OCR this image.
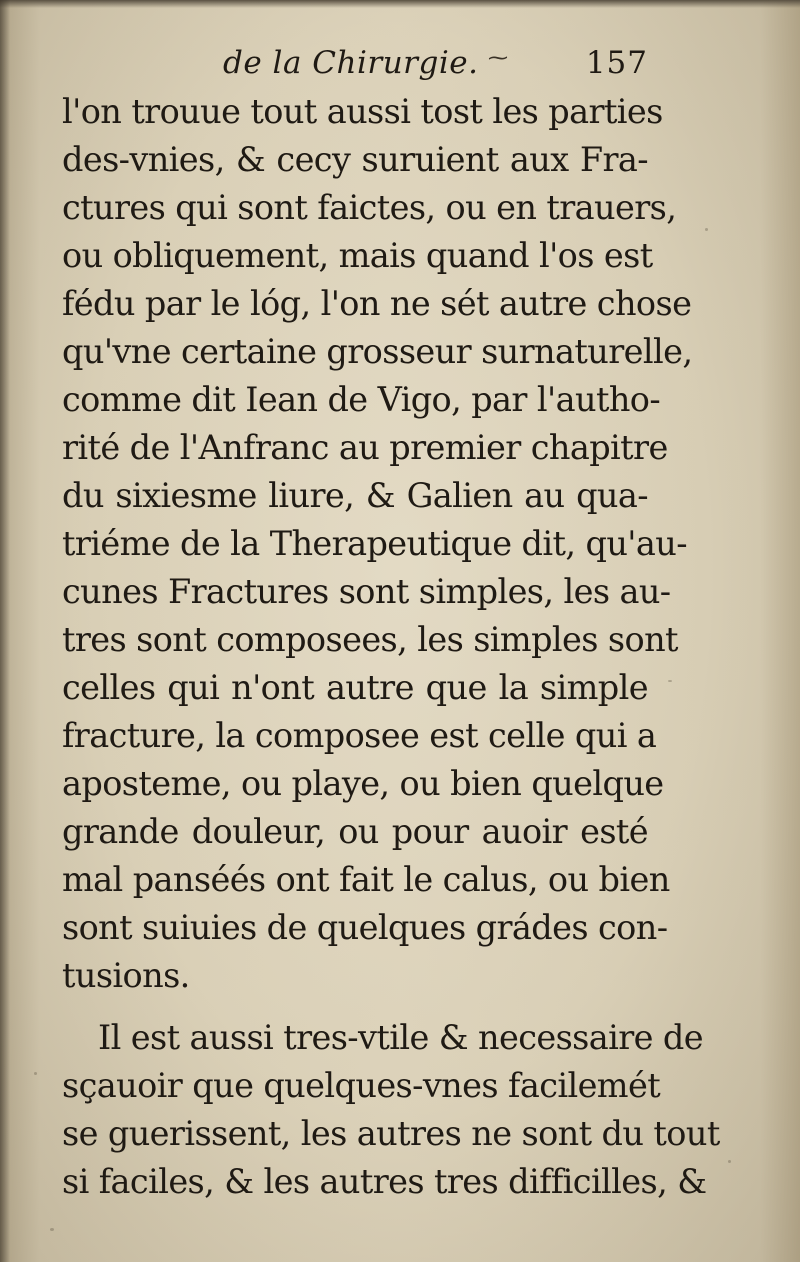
de la Chirurgie. ⁓	157
l'on trouue tout aussi tost les parties
des-vnies, & cecy suruient aux Fra-
ctures qui sont faictes, ou en trauers,
ou obliquement, mais quand l'os est
fédu par le lóg, l'on ne sét autre chose
qu'vne certaine grosseur surnaturelle,
comme dit Iean de Vigo, par l'autho-
rité de l'Anfranc au premier chapitre
du sixiesme liure, & Galien au qua-
triéme de la Therapeutique dit, qu'au-
cunes Fractures sont simples, les au-
tres sont composees, les simples sont
celles qui n'ont autre que la simple
fracture, la composee est celle qui a
aposteme, ou playe, ou bien quelque
grande douleur, ou pour auoir esté
mal panséés ont fait le calus, ou bien
sont suiuies de quelques grádes con-
tusions.
Il est aussi tres-vtile & necessaire de
sçauoir que quelques-vnes facilemét
se guerissent, les autres ne sont du tout
si faciles, & les autres tres difficilles, &
